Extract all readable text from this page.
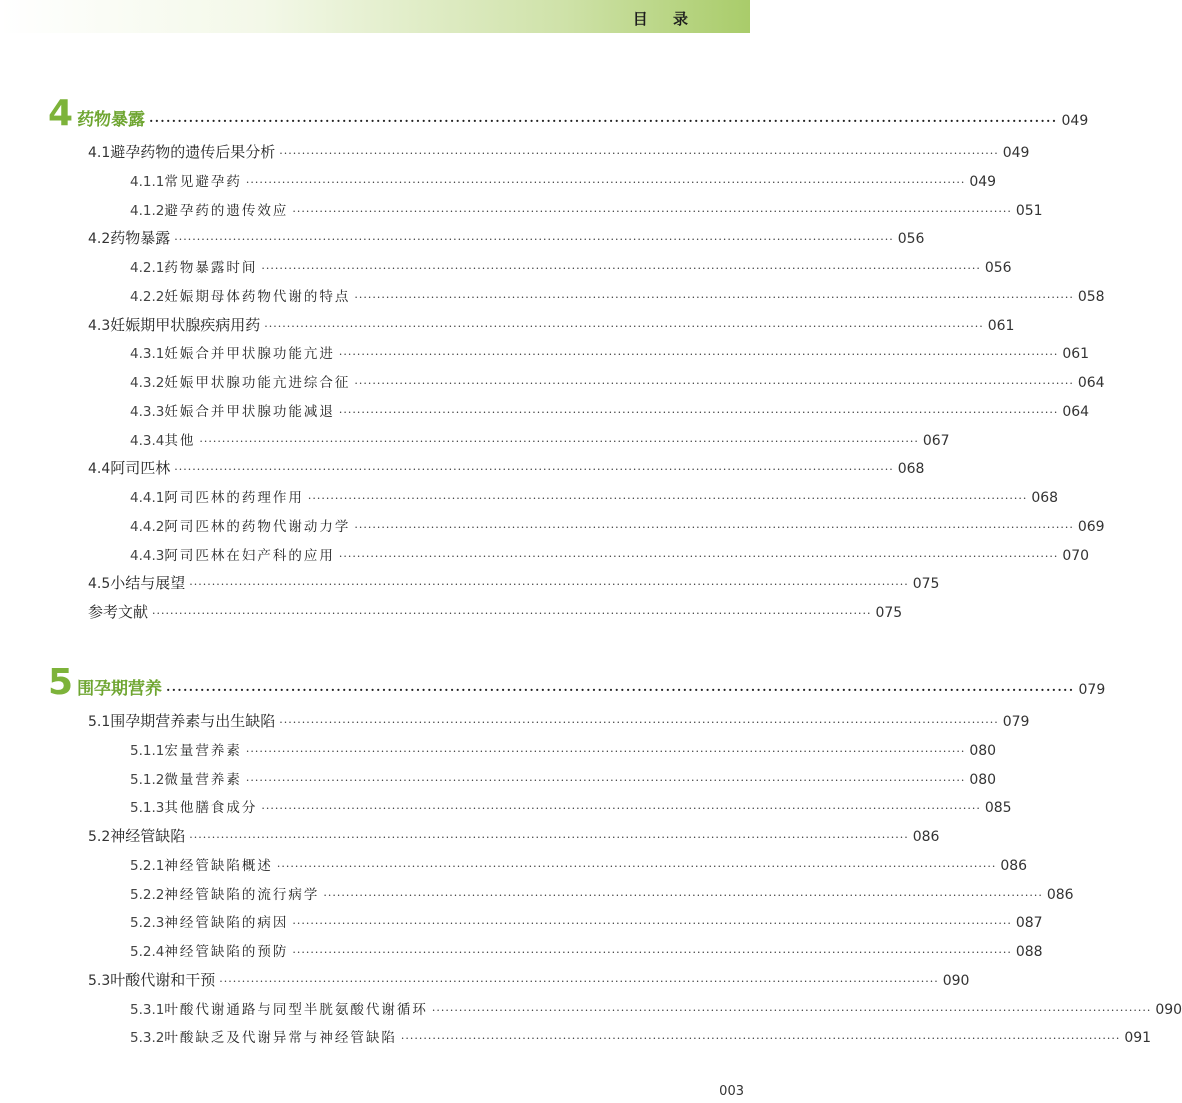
目 录
4 药物暴露 ································································································································································ 049
4.1 避孕药物的遗传后果分析 ································································································································································ 049
4.1.1 常见避孕药 ································································································································································ 049
4.1.2 避孕药的遗传效应 ································································································································································ 051
4.2 药物暴露 ································································································································································ 056
4.2.1 药物暴露时间 ································································································································································ 056
4.2.2 妊娠期母体药物代谢的特点 ································································································································································ 058
4.3 妊娠期甲状腺疾病用药 ································································································································································ 061
4.3.1 妊娠合并甲状腺功能亢进 ································································································································································ 061
4.3.2 妊娠甲状腺功能亢进综合征 ································································································································································ 064
4.3.3 妊娠合并甲状腺功能减退 ································································································································································ 064
4.3.4 其他 ································································································································································ 067
4.4 阿司匹林 ································································································································································ 068
4.4.1 阿司匹林的药理作用 ································································································································································ 068
4.4.2 阿司匹林的药物代谢动力学 ································································································································································ 069
4.4.3 阿司匹林在妇产科的应用 ································································································································································ 070
4.5 小结与展望 ································································································································································ 075
参考文献 ································································································································································ 075
5 围孕期营养 ································································································································································ 079
5.1 围孕期营养素与出生缺陷 ································································································································································ 079
5.1.1 宏量营养素 ································································································································································ 080
5.1.2 微量营养素 ································································································································································ 080
5.1.3 其他膳食成分 ································································································································································ 085
5.2 神经管缺陷 ································································································································································ 086
5.2.1 神经管缺陷概述 ································································································································································ 086
5.2.2 神经管缺陷的流行病学 ································································································································································ 086
5.2.3 神经管缺陷的病因 ································································································································································ 087
5.2.4 神经管缺陷的预防 ································································································································································ 088
5.3 叶酸代谢和干预 ································································································································································ 090
5.3.1 叶酸代谢通路与同型半胱氨酸代谢循环 ································································································································································ 090
5.3.2 叶酸缺乏及代谢异常与神经管缺陷 ································································································································································ 091
003
